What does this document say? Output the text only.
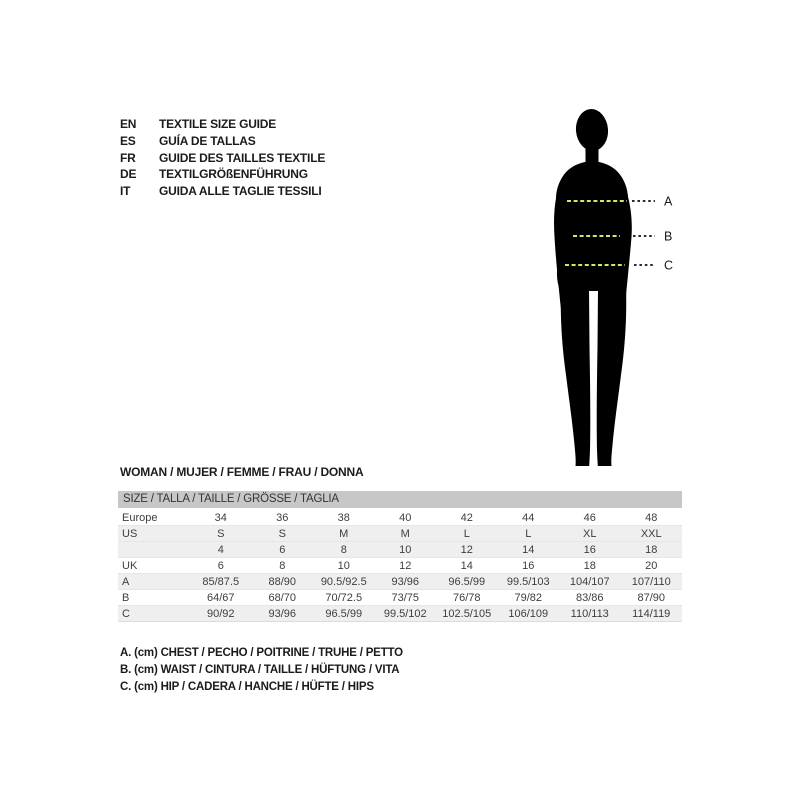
EN	TEXTILE SIZE GUIDE
ES	GUÍA DE TALLAS
FR	GUIDE DES TAILLES TEXTILE
DE	TEXTILGRÖßENFÜHRUNG
IT	GUIDA ALLE TAGLIE TESSILI
A
B
C
WOMAN / MUJER / FEMME / FRAU / DONNA
SIZE / TALLA / TAILLE / GRÖSSE / TAGLIA
Europe	34	36	38	40	42	44	46	48
US	S	S	M	M	L	L	XL	XXL
	4	6	8	10	12	14	16	18
UK	6	8	10	12	14	16	18	20
A	85/87.5	88/90	90.5/92.5	93/96	96.5/99	99.5/103	104/107	107/110
B	64/67	68/70	70/72.5	73/75	76/78	79/82	83/86	87/90
C	90/92	93/96	96.5/99	99.5/102	102.5/105	106/109	110/113	114/119
A. (cm) CHEST / PECHO / POITRINE / TRUHE / PETTO
B. (cm) WAIST / CINTURA / TAILLE / HÜFTUNG / VITA
C. (cm) HIP / CADERA / HANCHE / HÜFTE / HIPS
